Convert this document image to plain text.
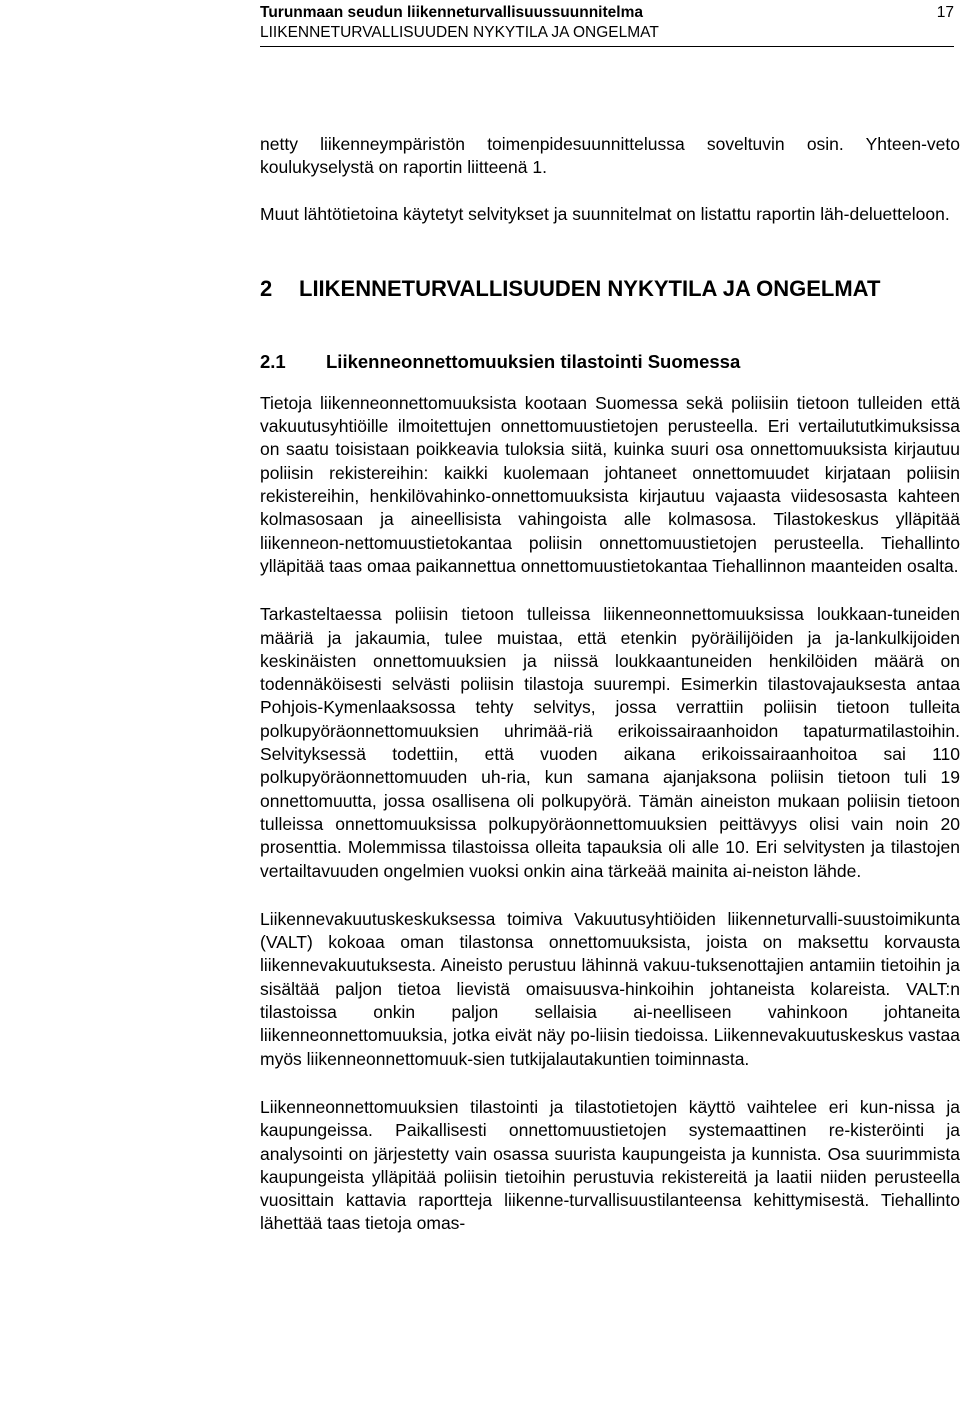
Turunmaan seudun liikenneturvallisuussuunnitelma
LIIKENNETURVALLISUUDEN NYKYTILA JA ONGELMAT
17

netty liikenneympäristön toimenpidesuunnittelussa soveltuvin osin. Yhteen-veto koulukyselystä on raportin liitteenä 1.

Muut lähtötietoina käytetyt selvitykset ja suunnitelmat on listattu raportin läh-deluetteloon.

2	LIIKENNETURVALLISUUDEN NYKYTILA JA ONGELMAT
2.1	Liikenneonnettomuuksien tilastointi Suomessa

Tietoja liikenneonnettomuuksista kootaan Suomessa sekä poliisiin tietoon tulleiden että vakuutusyhtiöille ilmoitettujen onnettomuustietojen perusteella. Eri vertailututkimuksissa on saatu toisistaan poikkeavia tuloksia siitä, kuinka suuri osa onnettomuuksista kirjautuu poliisin rekistereihin: kaikki kuolemaan johtaneet onnettomuudet kirjataan poliisin rekistereihin, henkilövahinko-onnettomuuksista kirjautuu vajaasta viidesosasta kahteen kolmasosaan ja aineellisista vahingoista alle kolmasosa. Tilastokeskus ylläpitää liikenneon-nettomuustietokantaa poliisin onnettomuustietojen perusteella. Tiehallinto ylläpitää taas omaa paikannettua onnettomuustietokantaa Tiehallinnon maanteiden osalta.

Tarkasteltaessa poliisin tietoon tulleissa liikenneonnettomuuksissa loukkaan-tuneiden määriä ja jakaumia, tulee muistaa, että etenkin pyöräilijöiden ja ja-lankulkijoiden keskinäisten onnettomuuksien ja niissä loukkaantuneiden henkilöiden määrä on todennäköisesti selvästi poliisin tilastoja suurempi. Esimerkin tilastovajauksesta antaa Pohjois-Kymenlaaksossa tehty selvitys, jossa verrattiin poliisin tietoon tulleita polkupyöräonnettomuuksien uhrimää-riä erikoissairaanhoidon tapaturmatilastoihin. Selvityksessä todettiin, että vuoden aikana erikoissairaanhoitoa sai 110 polkupyöräonnettomuuden uh-ria, kun samana ajanjaksona poliisin tietoon tuli 19 onnettomuutta, jossa osallisena oli polkupyörä. Tämän aineiston mukaan poliisin tietoon tulleissa onnettomuuksissa polkupyöräonnettomuuksien peittävyys olisi vain noin 20 prosenttia. Molemmissa tilastoissa olleita tapauksia oli alle 10. Eri selvitysten ja tilastojen vertailtavuuden ongelmien vuoksi onkin aina tärkeää mainita ai-neiston lähde.

Liikennevakuutuskeskuksessa toimiva Vakuutusyhtiöiden liikenneturvalli-suustoimikunta (VALT) kokoaa oman tilastonsa onnettomuuksista, joista on maksettu korvausta liikennevakuutuksesta. Aineisto perustuu lähinnä vakuu-tuksenottajien antamiin tietoihin ja sisältää paljon tietoa lievistä omaisuusva-hinkoihin johtaneista kolareista. VALT:n tilastoissa onkin paljon sellaisia ai-neelliseen vahinkoon johtaneita liikenneonnettomuuksia, jotka eivät näy po-liisin tiedoissa. Liikennevakuutuskeskus vastaa myös liikenneonnettomuuk-sien tutkijalautakuntien toiminnasta.

Liikenneonnettomuuksien tilastointi ja tilastotietojen käyttö vaihtelee eri kun-nissa ja kaupungeissa. Paikallisesti onnettomuustietojen systemaattinen re-kisteröinti ja analysointi on järjestetty vain osassa suurista kaupungeista ja kunnista. Osa suurimmista kaupungeista ylläpitää poliisin tietoihin perustuvia rekistereitä ja laatii niiden perusteella vuosittain kattavia raportteja liikenne-turvallisuustilanteensa kehittymisestä. Tiehallinto lähettää taas tietoja omas-
